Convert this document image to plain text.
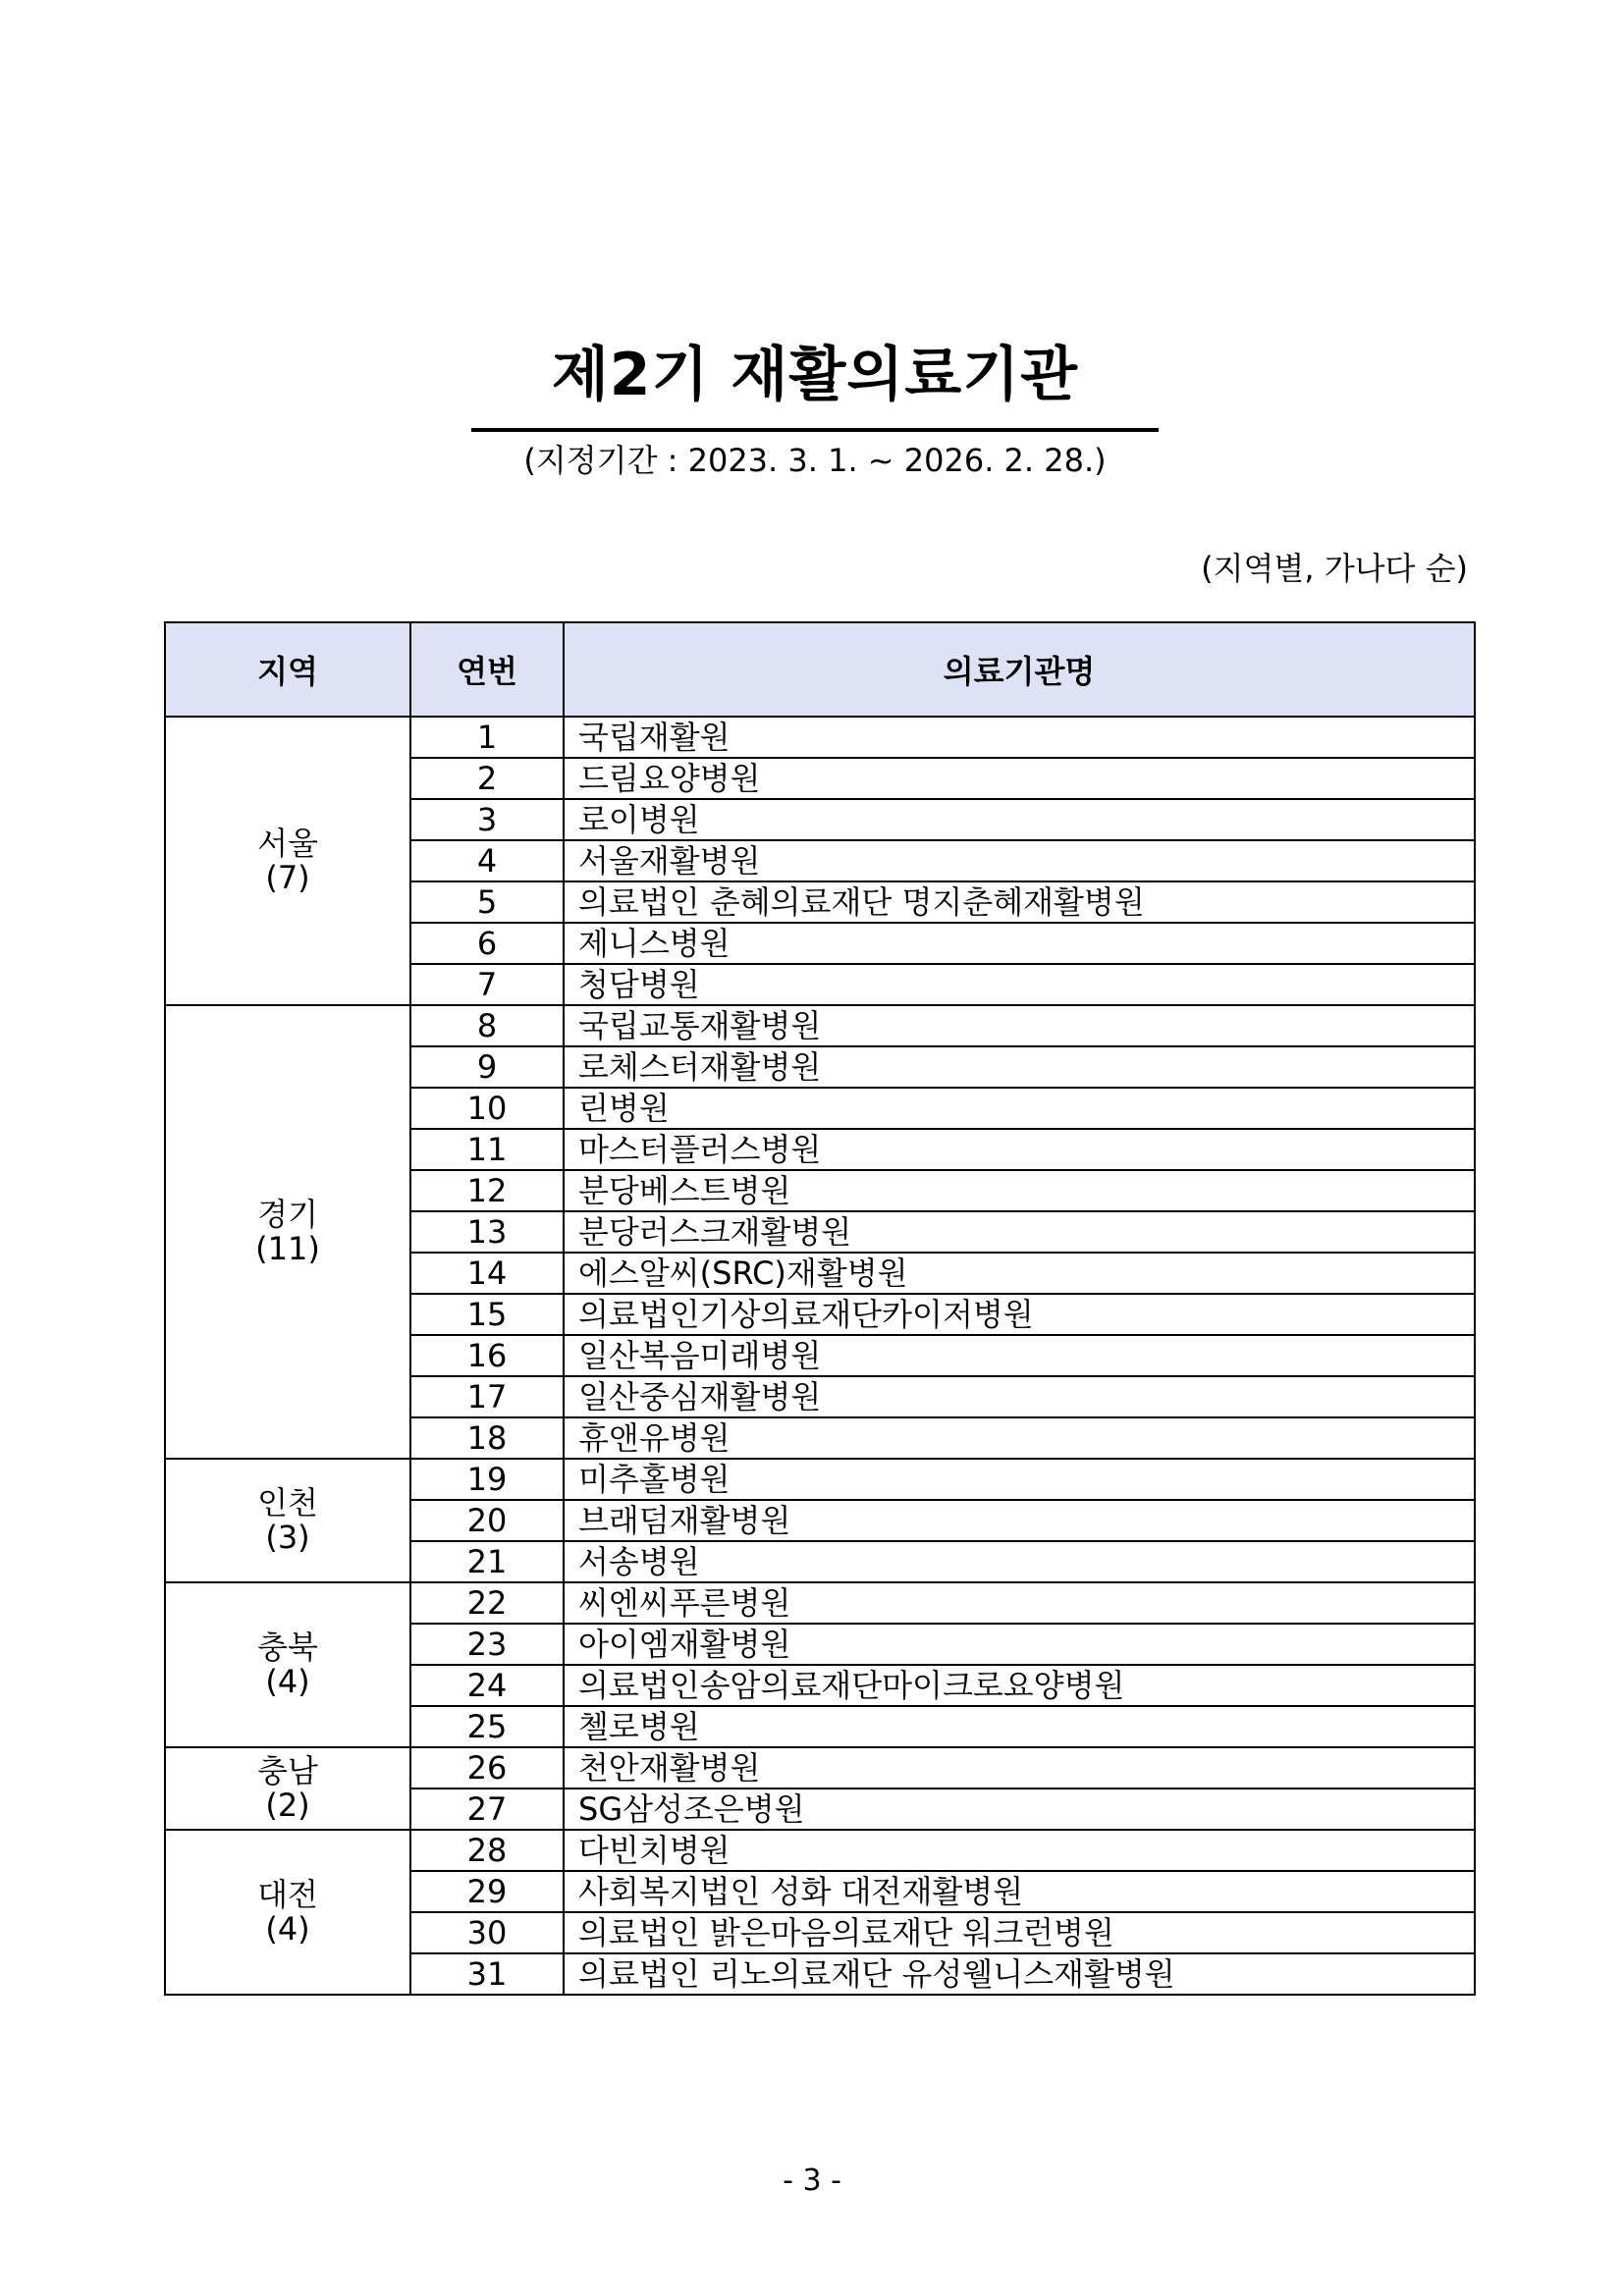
제2기 재활의료기관
(지정기간 : 2023. 3. 1. ~ 2026. 2. 28.)
(지역별, 가나다 순)
지역	연번	의료기관명

서울
(7)	1	국립재활원
	2	드림요양병원
	3	로이병원
	4	서울재활병원
	5	의료법인 춘혜의료재단 명지춘혜재활병원
	6	제니스병원
	7	청담병원

경기
(11)	8	국립교통재활병원
	9	로체스터재활병원
	10	린병원
	11	마스터플러스병원
	12	분당베스트병원
	13	분당러스크재활병원
	14	에스알씨(SRC)재활병원
	15	의료법인기상의료재단카이저병원
	16	일산복음미래병원
	17	일산중심재활병원
	18	휴앤유병원

인천
(3)	19	미추홀병원
	20	브래덤재활병원
	21	서송병원

충북
(4)	22	씨엔씨푸른병원
	23	아이엠재활병원
	24	의료법인송암의료재단마이크로요양병원
	25	첼로병원

충남
(2)	26	천안재활병원
	27	SG삼성조은병원

대전
(4)	28	다빈치병원
	29	사회복지법인 성화 대전재활병원
	30	의료법인 밝은마음의료재단 워크런병원
	31	의료법인 리노의료재단 유성웰니스재활병원
- 3 -
